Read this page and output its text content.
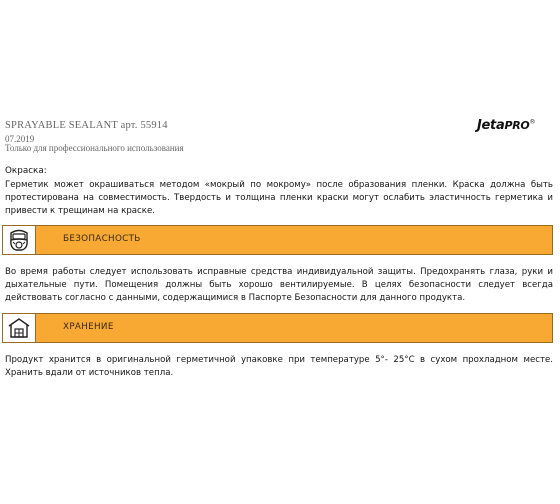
SPRAYABLE SEALANT арт. 55914
07.2019
Только для профессионального использования
JetaPRO®
Окраска:
Герметик может окрашиваться методом «мокрый по мокрому» после образования пленки. Краска должна быть протестирована на совместимость. Твердость и толщина пленки краски могут ослабить эластичность герметика и привести к трещинам на краске.
БЕЗОПАСНОСТЬ
Во время работы следует использовать исправные средства индивидуальной защиты. Предохранять глаза, руки и дыхательные пути. Помещения должны быть хорошо вентилируемые. В целях безопасности следует всегда действовать согласно с данными, содержащимися в Паспорте Безопасности для данного продукта.
ХРАНЕНИЕ
Продукт хранится в оригинальной герметичной упаковке при температуре 5°- 25°С в сухом прохладном месте. Хранить вдали от источников тепла.
